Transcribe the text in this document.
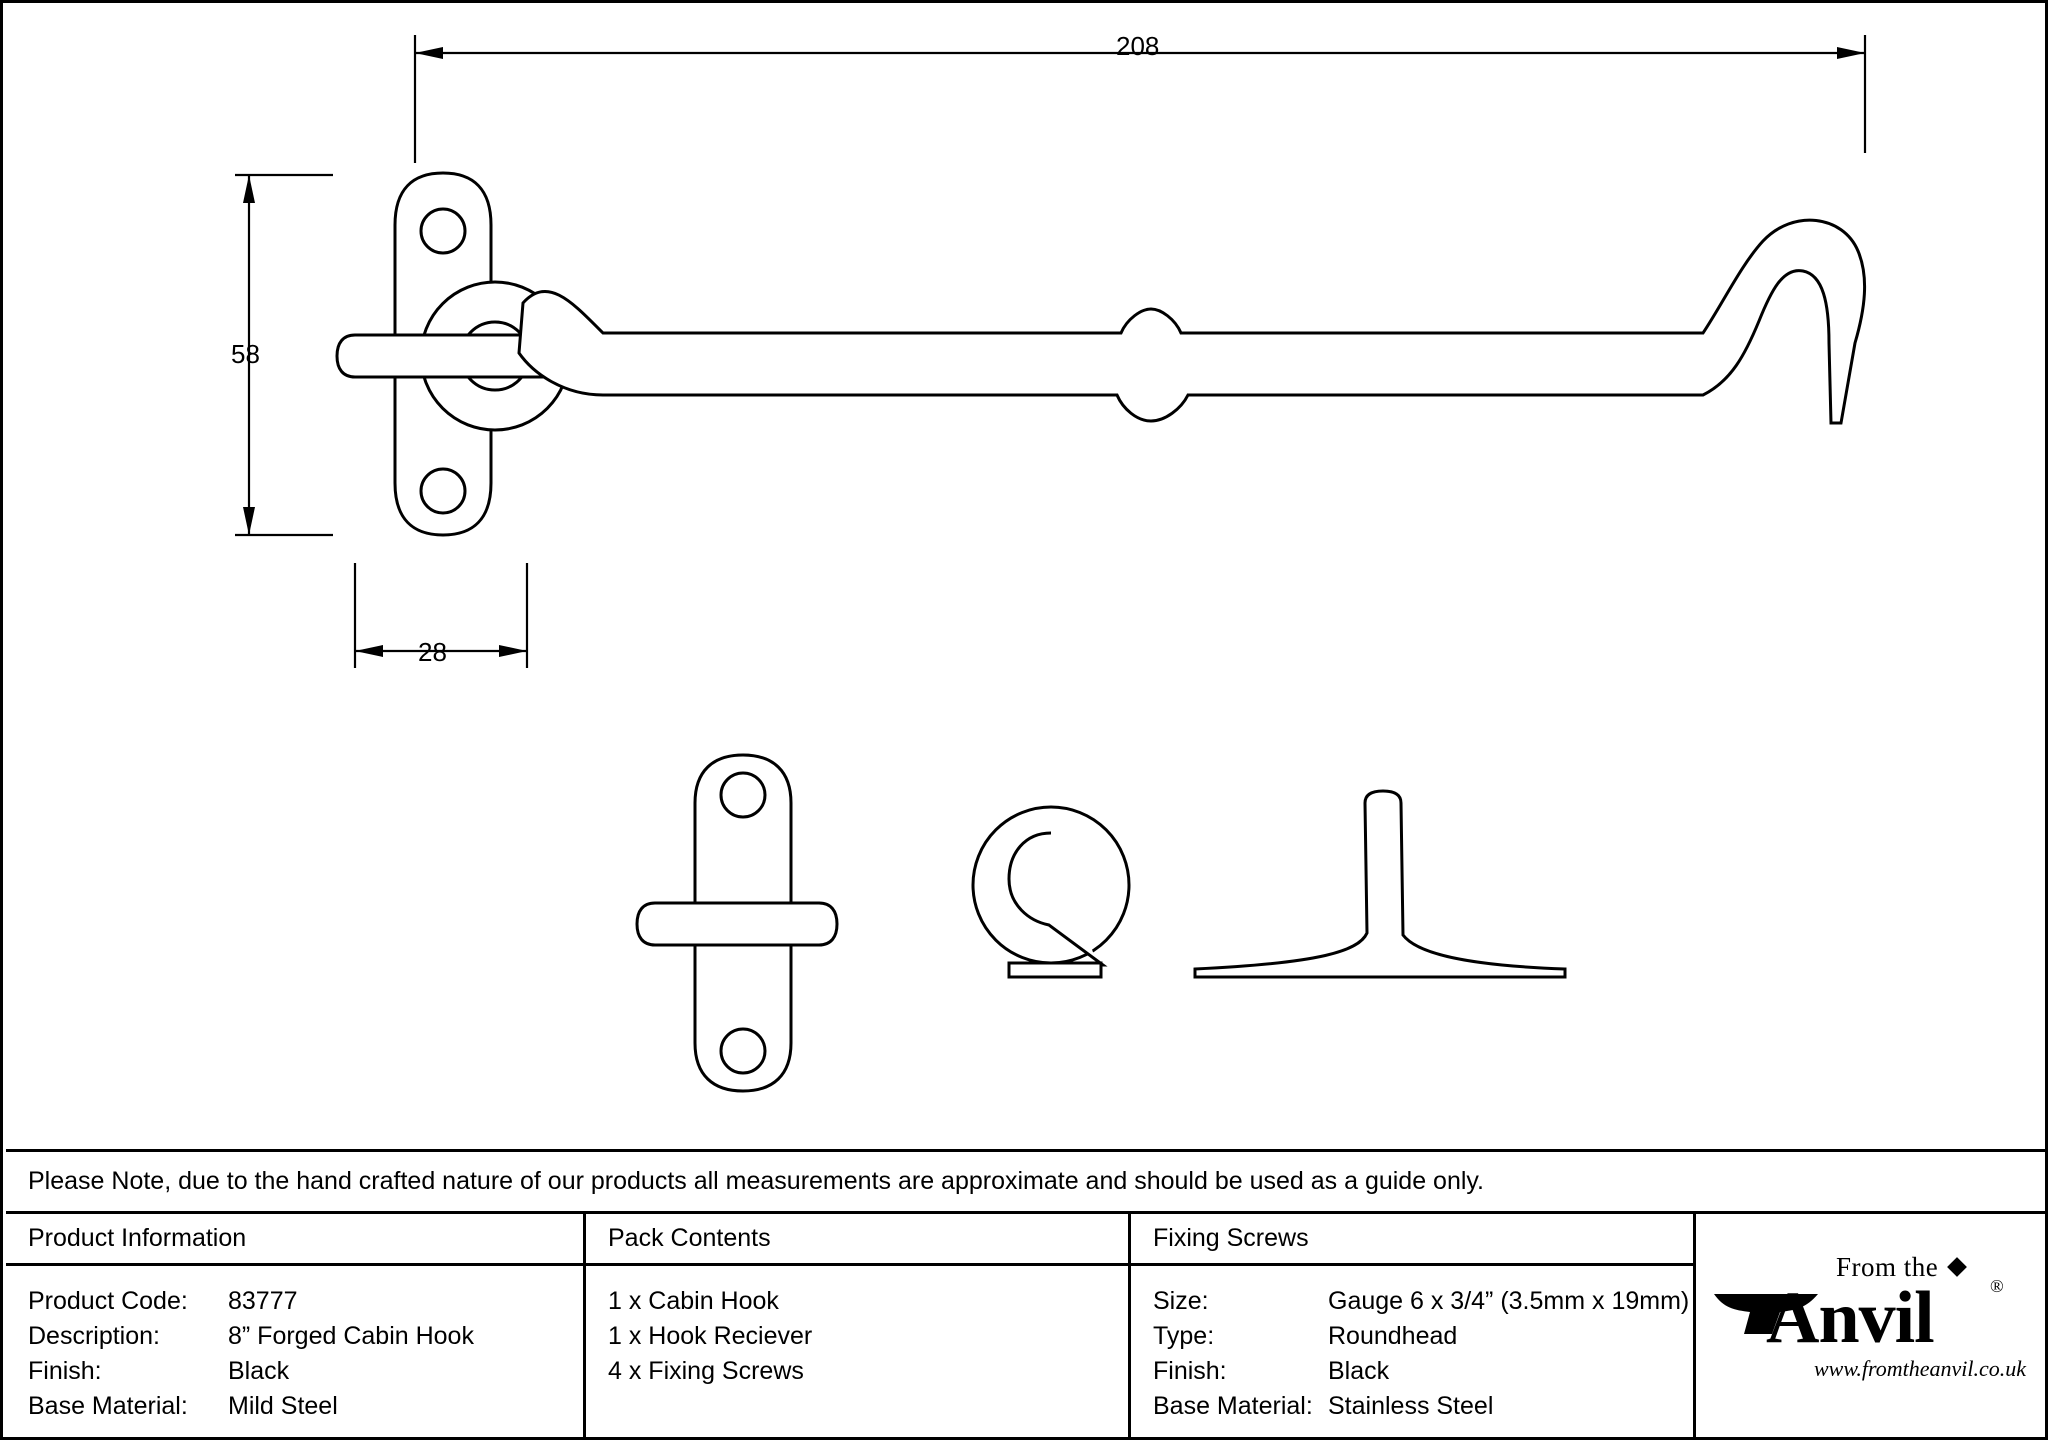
208
58
28
Please Note, due to the hand crafted nature of our products all measurements are approximate and should be used as a guide only.
Product Information
Product Code:	83777
Description:	8” Forged Cabin Hook
Finish:	Black
Base Material:	Mild Steel
Pack Contents
1 x Cabin Hook
1 x Hook Reciever
4 x Fixing Screws
Fixing Screws
Size:	Gauge 6 x 3/4” (3.5mm x 19mm)
Type:	Roundhead
Finish:	Black
Base Material: Stainless Steel
From the
Anvil	®
www.fromtheanvil.co.uk
